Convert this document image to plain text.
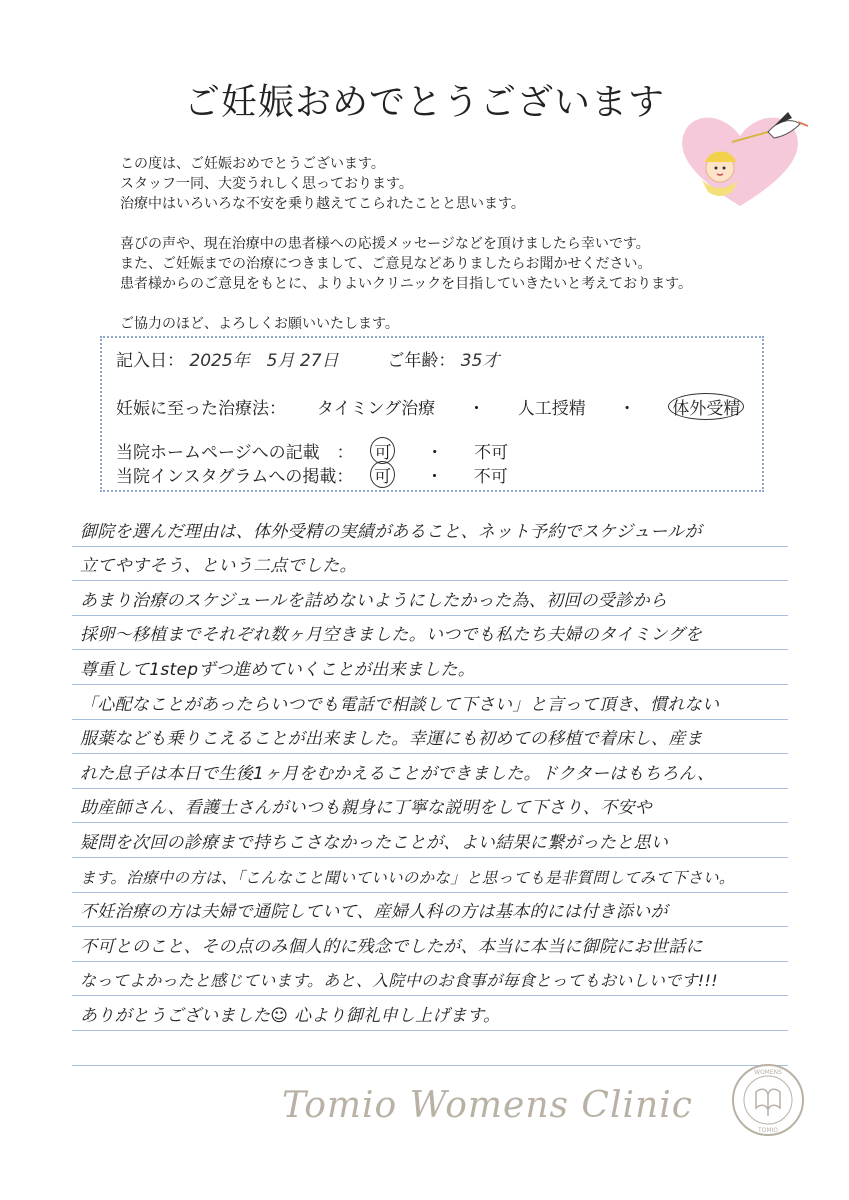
ご妊娠おめでとうございます

この度は、ご妊娠おめでとうございます。

スタッフ一同、大変うれしく思っております。

治療中はいろいろな不安を乗り越えてこられたことと思います。

喜びの声や、現在治療中の患者様への応援メッセージなどを頂けましたら幸いです。

また、ご妊娠までの治療につきまして、ご意見などありましたらお聞かせください。

患者様からのご意見をもとに、よりよいクリニックを目指していきたいと考えております。

ご協力のほど、よろしくお願いいたします。

記入日： 2025年　5月 27日	ご年齢： 35才
妊娠に至った治療法： タイミング治療 ・ 人工授精 ・ 体外受精
当院ホームページへの記載　： 可 ・ 不可
当院インスタグラムへの掲載： 可 ・ 不可
御院を選んだ理由は、体外受精の実績があること、ネット予約でスケジュールが
立てやすそう、という二点でした。
あまり治療のスケジュールを詰めないようにしたかった為、初回の受診から
採卵～移植までそれぞれ数ヶ月空きました。いつでも私たち夫婦のタイミングを
尊重して1stepずつ進めていくことが出来ました。
「心配なことがあったらいつでも電話で相談して下さい」と言って頂き、慣れない
服薬なども乗りこえることが出来ました。幸運にも初めての移植で着床し、産ま
れた息子は本日で生後1ヶ月をむかえることができました。ドクターはもちろん、
助産師さん、看護士さんがいつも親身に丁寧な説明をして下さり、不安や
疑問を次回の診療まで持ちこさなかったことが、よい結果に繋がったと思い
ます。治療中の方は、「こんなこと聞いていいのかな」と思っても是非質問してみて下さい。
不妊治療の方は夫婦で通院していて、産婦人科の方は基本的には付き添いが
不可とのこと、その点のみ個人的に残念でしたが、本当に本当に御院にお世話に
なってよかったと感じています。あと、入院中のお食事が毎食とってもおいしいです!!!
ありがとうございました☺ 心より御礼申し上げます。
Tomio Womens Clinic
WOMENS
TOMIO
